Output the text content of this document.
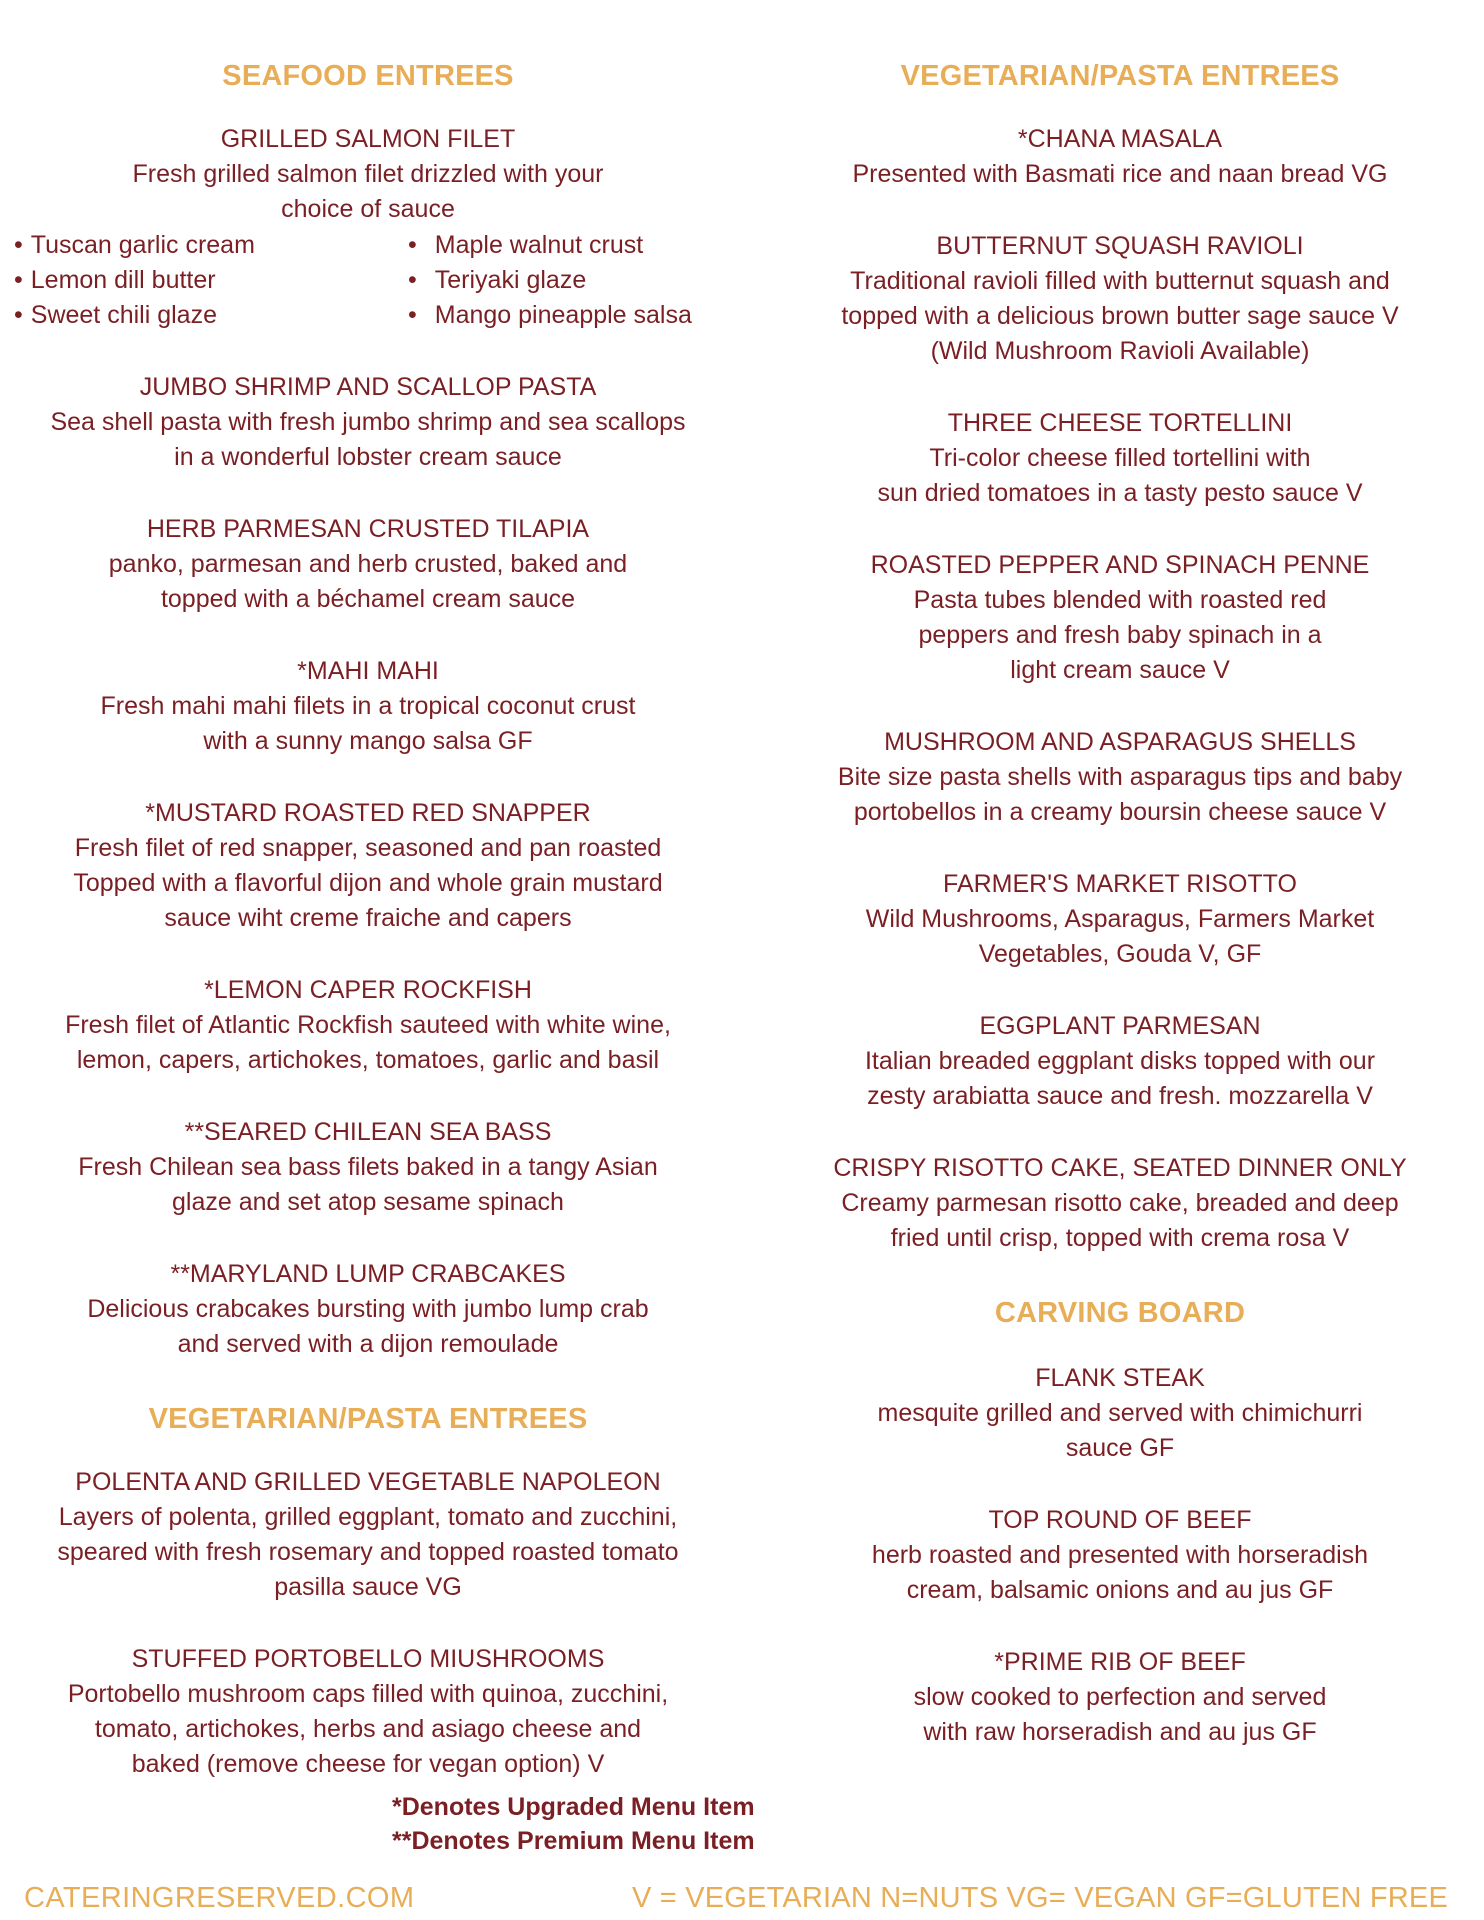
SEAFOOD ENTREES
GRILLED SALMON FILET
Fresh grilled salmon filet drizzled with your
choice of sauce
• Tuscan garlic cream
• Lemon dill butter
• Sweet chili glaze
• Maple walnut crust
• Teriyaki glaze
• Mango pineapple salsa
JUMBO SHRIMP AND SCALLOP PASTA
Sea shell pasta with fresh jumbo shrimp and sea scallops
in a wonderful lobster cream sauce
HERB PARMESAN CRUSTED TILAPIA
panko, parmesan and herb crusted, baked and
topped with a béchamel cream sauce
*MAHI MAHI
Fresh mahi mahi filets in a tropical coconut crust
with a sunny mango salsa GF
*MUSTARD ROASTED RED SNAPPER
Fresh filet of red snapper, seasoned and pan roasted
Topped with a flavorful dijon and whole grain mustard
sauce wiht creme fraiche and capers
*LEMON CAPER ROCKFISH
Fresh filet of Atlantic Rockfish sauteed with white wine,
lemon, capers, artichokes, tomatoes, garlic and basil
**SEARED CHILEAN SEA BASS
Fresh Chilean sea bass filets baked in a tangy Asian
glaze and set atop sesame spinach
**MARYLAND LUMP CRABCAKES
Delicious crabcakes bursting with jumbo lump crab
and served with a dijon remoulade
VEGETARIAN/PASTA ENTREES
POLENTA AND GRILLED VEGETABLE NAPOLEON
Layers of polenta, grilled eggplant, tomato and zucchini,
speared with fresh rosemary and topped roasted tomato
pasilla sauce VG
STUFFED PORTOBELLO MIUSHROOMS
Portobello mushroom caps filled with quinoa, zucchini,
tomato, artichokes, herbs and asiago cheese and
baked (remove cheese for vegan option) V
VEGETARIAN/PASTA ENTREES
*CHANA MASALA
Presented with Basmati rice and naan bread VG
BUTTERNUT SQUASH RAVIOLI
Traditional ravioli filled with butternut squash and
topped with a delicious brown butter sage sauce V
(Wild Mushroom Ravioli Available)
THREE CHEESE TORTELLINI
Tri-color cheese filled tortellini with
sun dried tomatoes in a tasty pesto sauce V
ROASTED PEPPER AND SPINACH PENNE
Pasta tubes blended with roasted red
peppers and fresh baby spinach in a
light cream sauce V
MUSHROOM AND ASPARAGUS SHELLS
Bite size pasta shells with asparagus tips and baby
portobellos in a creamy boursin cheese sauce V
FARMER'S MARKET RISOTTO
Wild Mushrooms, Asparagus, Farmers Market
Vegetables, Gouda V, GF
EGGPLANT PARMESAN
Italian breaded eggplant disks topped with our
zesty arabiatta sauce and fresh. mozzarella V
CRISPY RISOTTO CAKE, SEATED DINNER ONLY
Creamy parmesan risotto cake, breaded and deep
fried until crisp, topped with crema rosa V
CARVING BOARD
FLANK STEAK
mesquite grilled and served with chimichurri
sauce GF
TOP ROUND OF BEEF
herb roasted and presented with horseradish
cream, balsamic onions and au jus GF
*PRIME RIB OF BEEF
slow cooked to perfection and served
with raw horseradish and au jus GF
*Denotes Upgraded Menu Item
**Denotes Premium Menu Item
CATERINGRESERVED.COM	V = VEGETARIAN N=NUTS VG= VEGAN GF=GLUTEN FREE
